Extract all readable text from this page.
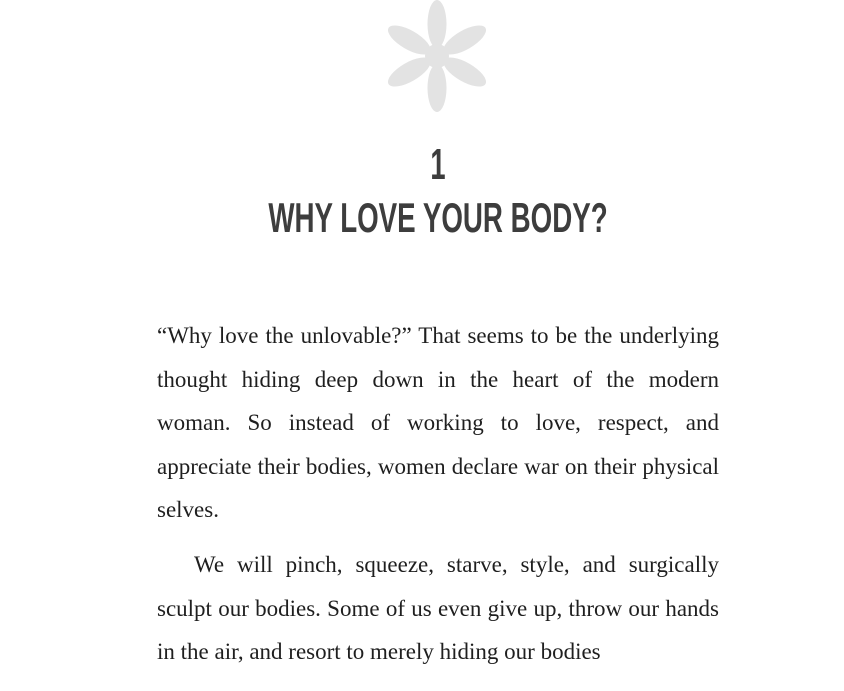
1
WHY LOVE YOUR BODY?

“Why love the unlovable?” That seems to be the underlying thought hiding deep down in the heart of the modern woman. So instead of working to love, respect, and appreciate their bodies, women declare war on their physical selves.

We will pinch, squeeze, starve, style, and surgically sculpt our bodies. Some of us even give up, throw our hands in the air, and resort to merely hiding our bodies
